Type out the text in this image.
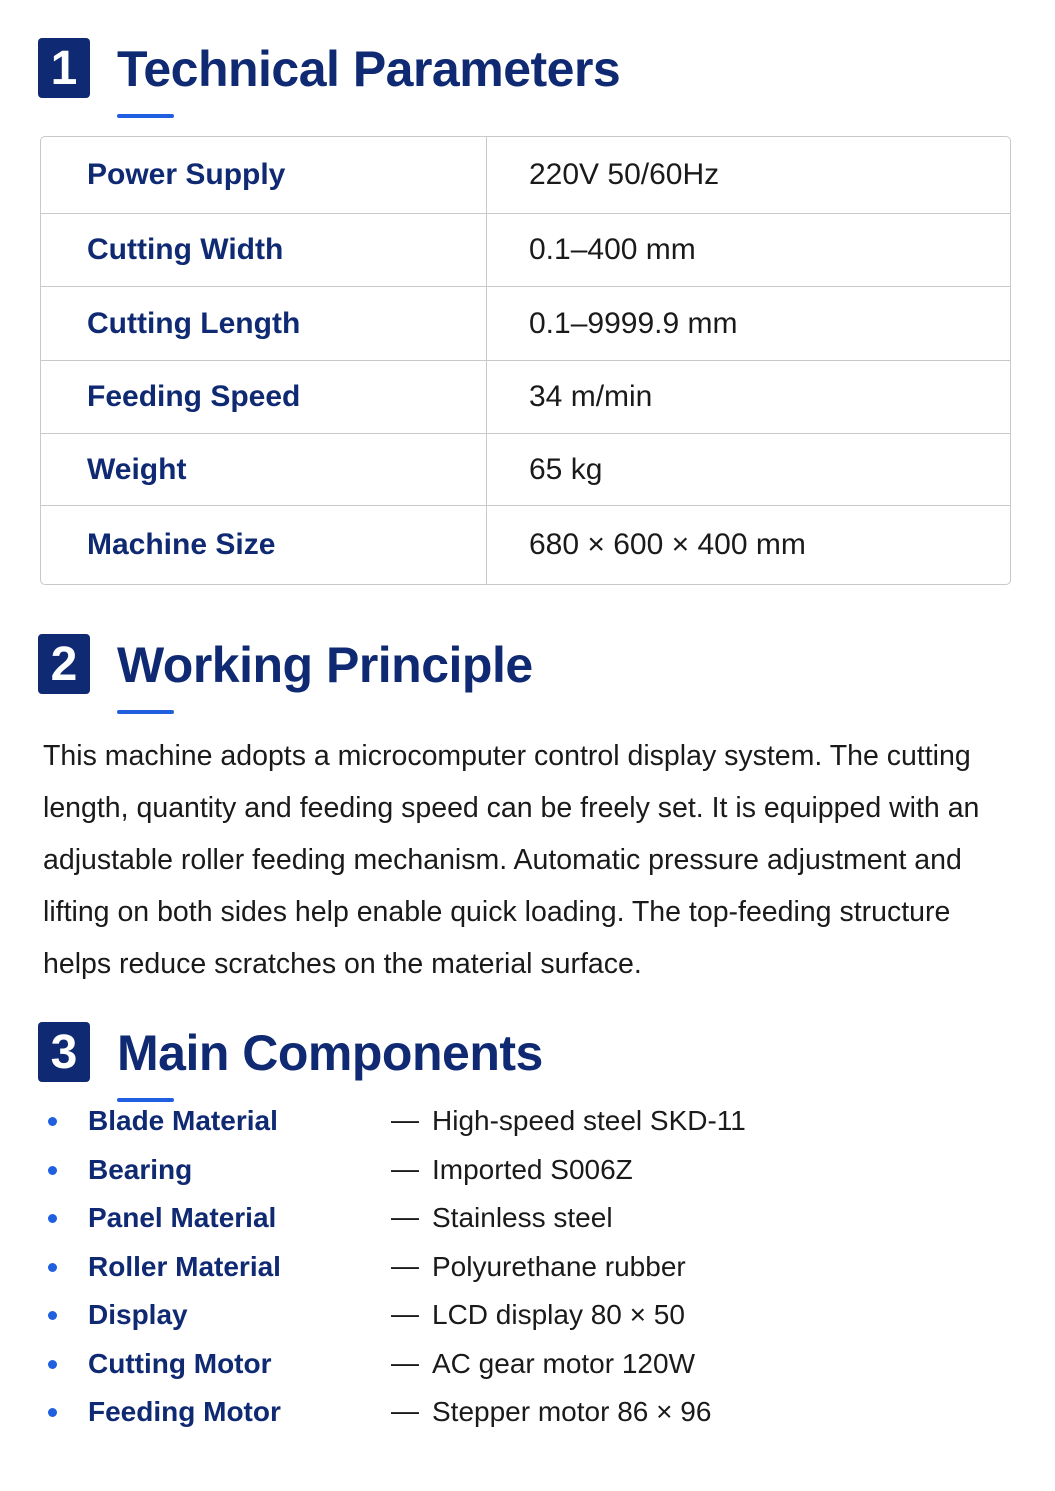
1 Technical Parameters
Power Supply	220V 50/60Hz
Cutting Width	0.1–400 mm
Cutting Length	0.1–9999.9 mm
Feeding Speed	34 m/min
Weight	65 kg
Machine Size	680 × 600 × 400 mm
2 Working Principle

This machine adopts a microcomputer control display system. The cutting length, quantity and feeding speed can be freely set. It is equipped with an adjustable roller feeding mechanism. Automatic pressure adjustment and lifting on both sides help enable quick loading. The top-feeding structure helps reduce scratches on the material surface.

3 Main Components
Blade Material	— High-speed steel SKD-11
Bearing	— Imported S006Z
Panel Material	— Stainless steel
Roller Material	— Polyurethane rubber
Display	— LCD display 80 × 50
Cutting Motor	— AC gear motor 120W
Feeding Motor	— Stepper motor 86 × 96
